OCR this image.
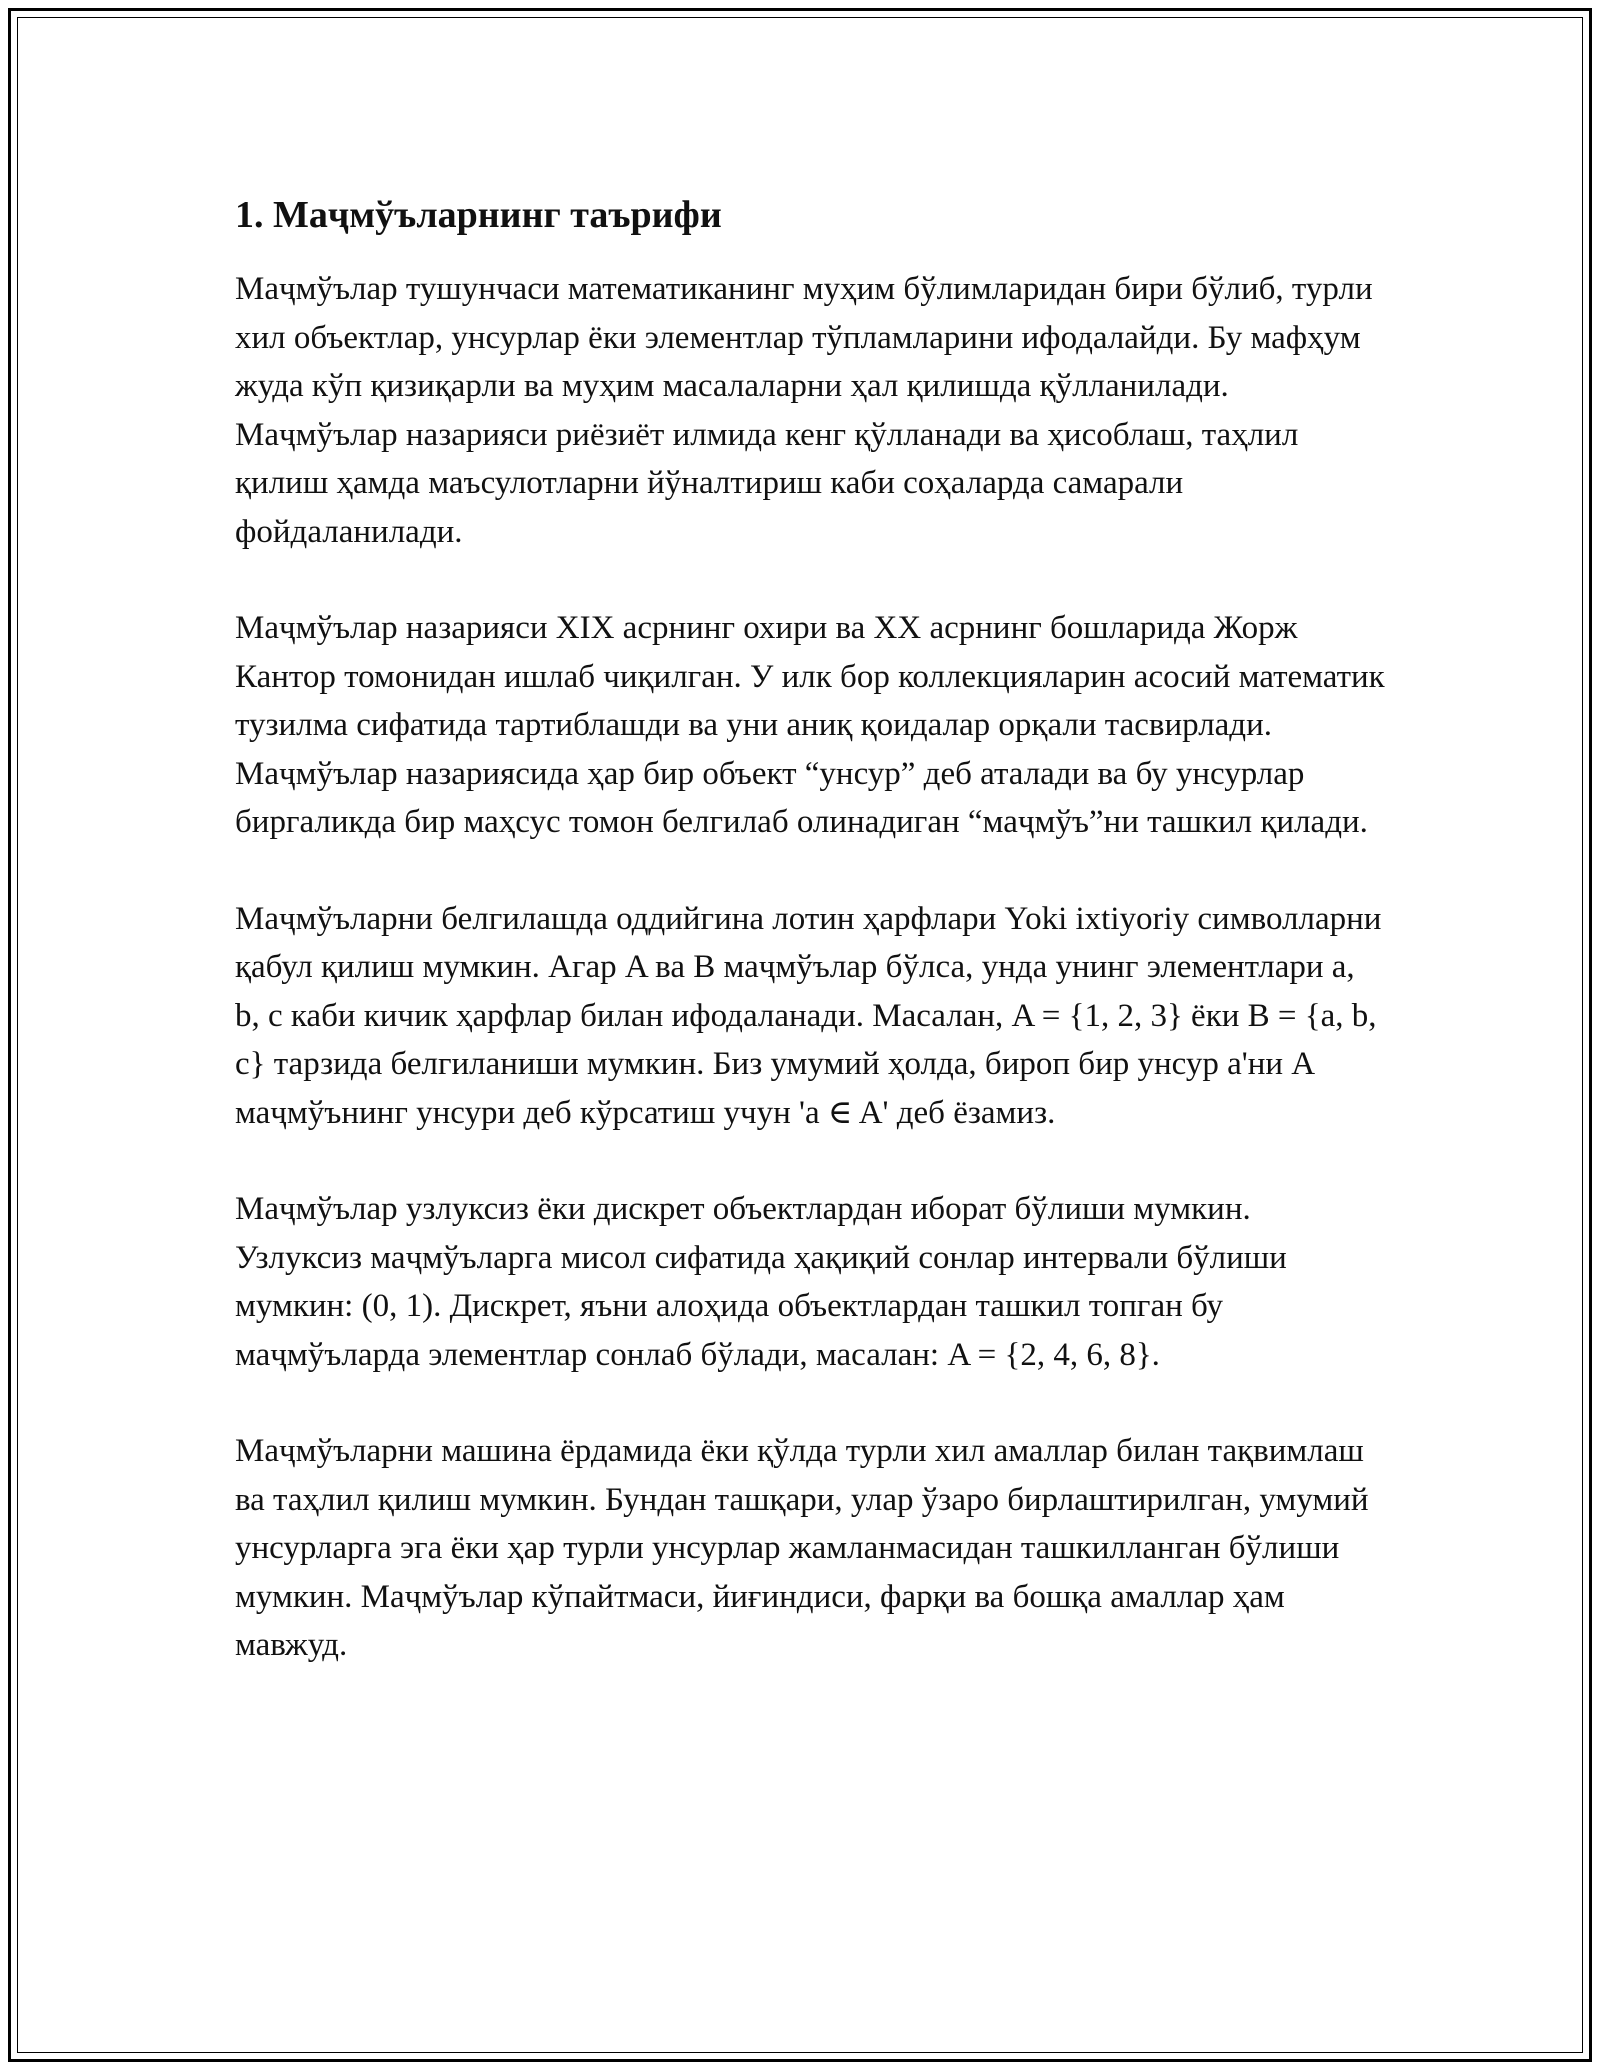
1. Маҷмўъларнинг таърифи

Маҷмўълар тушунчаси математиканинг муҳим бўлимларидан бири бўлиб, турли хил объектлар, унсурлар ёки элементлар тўпламларини ифодалайди. Бу мафҳум жуда кўп қизиқарли ва муҳим масалаларни ҳал қилишда қўлланилади. Маҷмўълар назарияси риёзиёт илмида кенг қўлланади ва ҳисоблаш, таҳлил қилиш ҳамда маъсулотларни йўналтириш каби соҳаларда самарали фойдаланилади.

Маҷмўълар назарияси XIX асрнинг охири ва XX асрнинг бошларида Жорж Кантор томонидан ишлаб чиқилган. У илк бор коллекцияларин асосий математик тузилма сифатида тартиблашди ва уни аниқ қоидалар орқали тасвирлади. Маҷмўълар назариясида ҳар бир объект “унсур” деб аталади ва бу унсурлар биргаликда бир маҳсус томон белгилаб олинадиган “маҷмўъ”ни ташкил қилади.

Маҷмўъларни белгилашда оддийгина лотин ҳарфлари Yoki ixtiyoriy символларни қабул қилиш мумкин. Агар A ва B маҷмўълар бўлса, унда унинг элементлари a, b, c каби кичик ҳарфлар билан ифодаланади. Масалан, A = {1, 2, 3} ёки B = {a, b, c} тарзида белгиланиши мумкин. Биз умумий ҳолда, бироп бир унсур a'ни A маҷмўънинг унсури деб кўрсатиш учун 'a ∈ A' деб ёзамиз.

Маҷмўълар узлуксиз ёки дискрет объектлардан иборат бўлиши мумкин. Узлуксиз маҷмўъларга мисол сифатида ҳақиқий сонлар интервали бўлиши мумкин: (0, 1). Дискрет, яъни алоҳида объектлардан ташкил топган бу маҷмўъларда элементлар сонлаб бўлади, масалан: A = {2, 4, 6, 8}.

Маҷмўъларни машина ёрдамида ёки қўлда турли хил амаллар билан тақвимлаш ва таҳлил қилиш мумкин. Бундан ташқари, улар ўзаро бирлаштирилган, умумий унсурларга эга ёки ҳар турли унсурлар жамланмасидан ташкилланган бўлиши мумкин. Маҷмўълар кўпайтмаси, йиғиндиси, фарқи ва бошқа амаллар ҳам мавжуд.
